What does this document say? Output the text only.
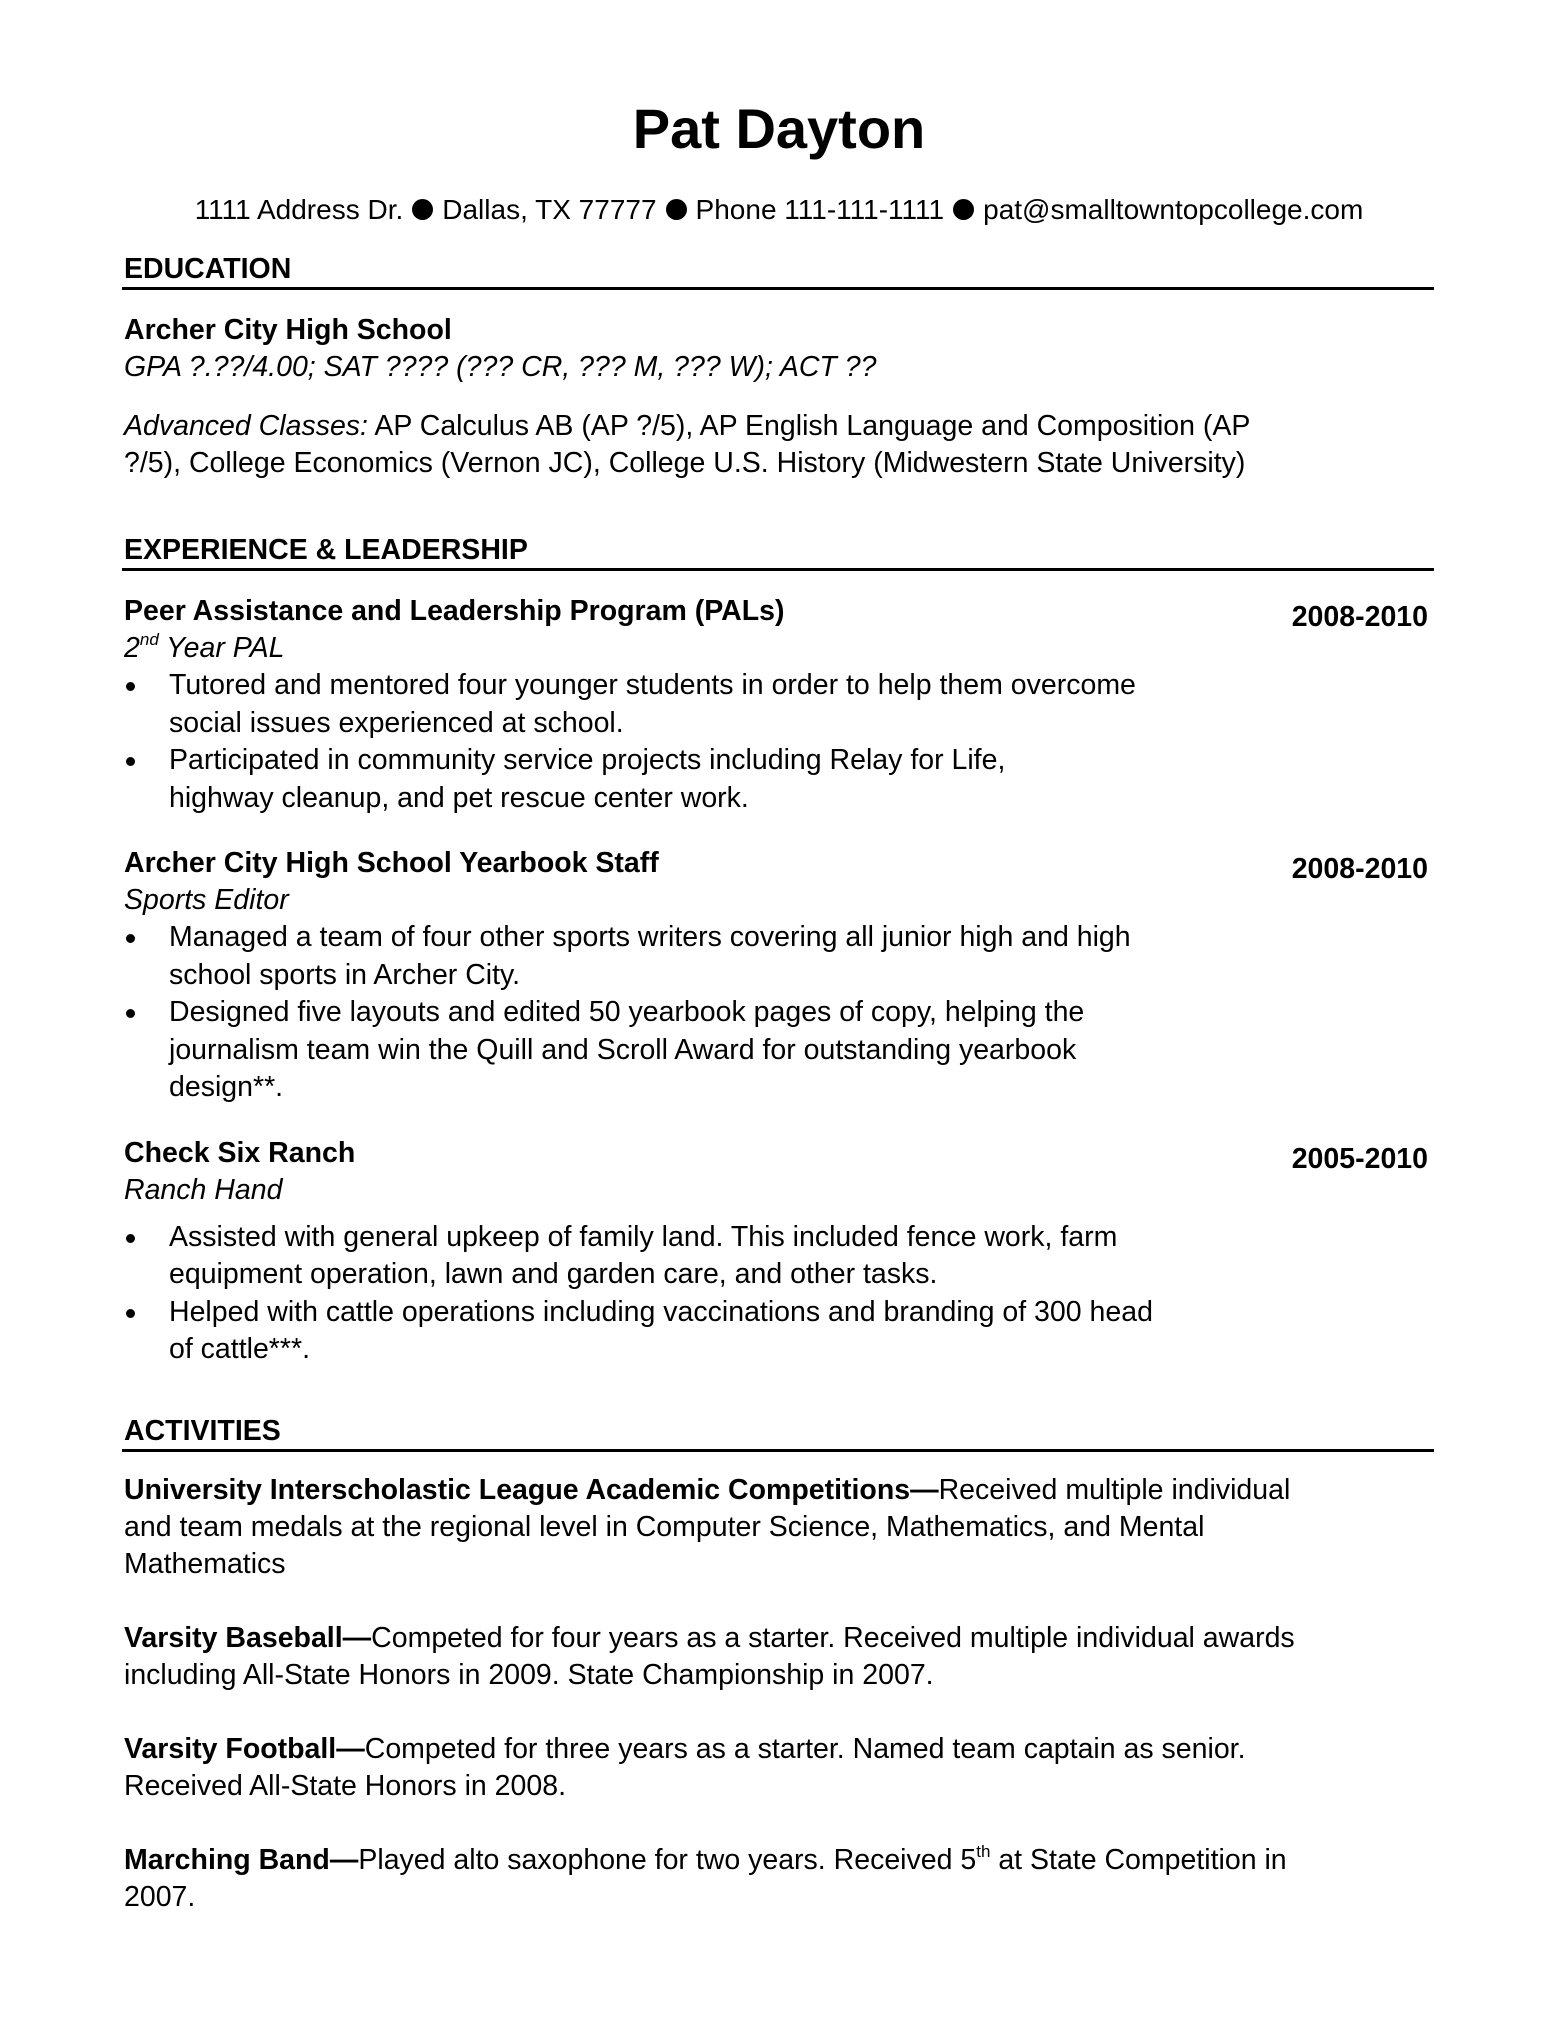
Pat Dayton
1111 Address Dr. Dallas, TX 77777 Phone 111-111-1111 pat@smalltowntopcollege.com
EDUCATION
Archer City High School
GPA ?.??/4.00; SAT ???? (??? CR, ??? M, ??? W); ACT ??
Advanced Classes: AP Calculus AB (AP ?/5), AP English Language and Composition (AP
?/5), College Economics (Vernon JC), College U.S. History (Midwestern State University)
EXPERIENCE & LEADERSHIP
2008-2010
Peer Assistance and Leadership Program (PALs)
2nd Year PAL
Tutored and mentored four younger students in order to help them overcome
social issues experienced at school.
Participated in community service projects including Relay for Life,
highway cleanup, and pet rescue center work.
2008-2010
Archer City High School Yearbook Staff
Sports Editor
Managed a team of four other sports writers covering all junior high and high
school sports in Archer City.
Designed five layouts and edited 50 yearbook pages of copy, helping the
journalism team win the Quill and Scroll Award for outstanding yearbook
design**.
2005-2010
Check Six Ranch
Ranch Hand
Assisted with general upkeep of family land. This included fence work, farm
equipment operation, lawn and garden care, and other tasks.
Helped with cattle operations including vaccinations and branding of 300 head
of cattle***.
ACTIVITIES
University Interscholastic League Academic Competitions—Received multiple individual
and team medals at the regional level in Computer Science, Mathematics, and Mental
Mathematics
Varsity Baseball—Competed for four years as a starter. Received multiple individual awards
including All-State Honors in 2009. State Championship in 2007.
Varsity Football—Competed for three years as a starter. Named team captain as senior.
Received All-State Honors in 2008.
Marching Band—Played alto saxophone for two years. Received 5th at State Competition in
2007.
